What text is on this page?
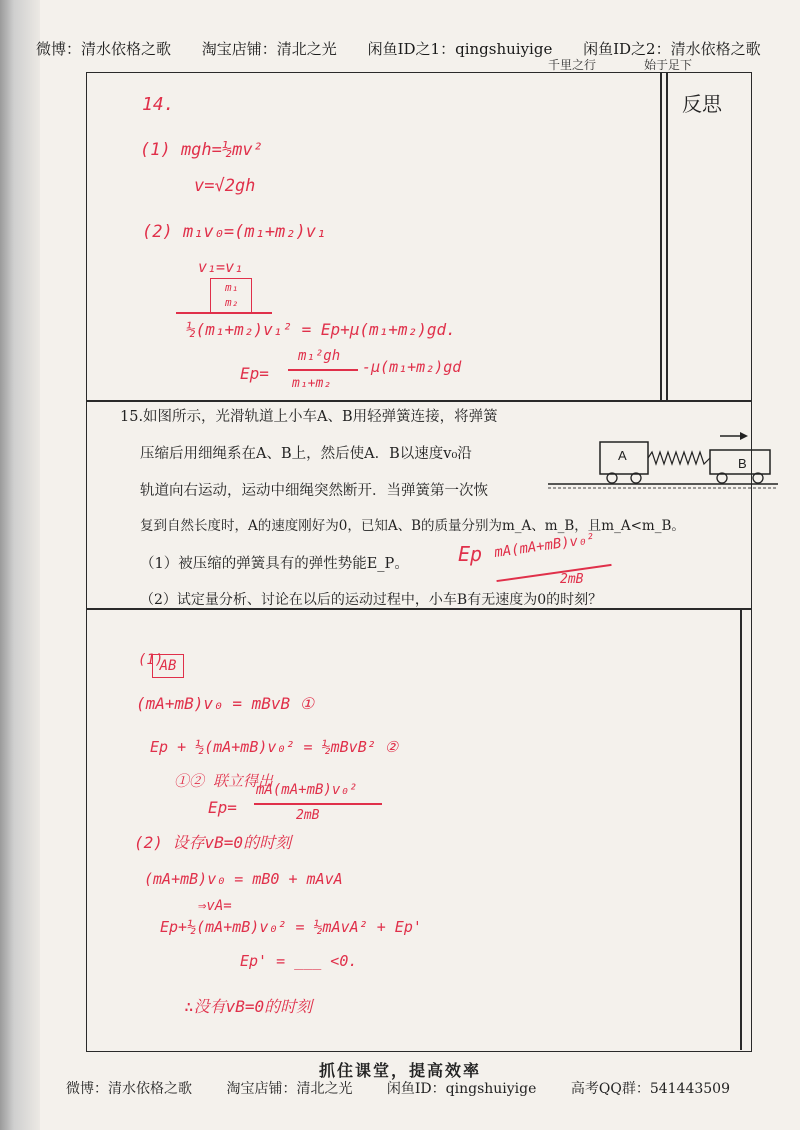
微博：清水依格之歌 淘宝店铺：清北之光 闲鱼ID之1：qingshuiyige 闲鱼ID之2：清水依格之歌
千里之行	始于足下
反思
14.
(1) mgh=½mv²
v=√2gh
(2) m₁v₀=(m₁+m₂)v₁
v₁=v₁
m₁
m₂
½(m₁+m₂)v₁² = Ep+μ(m₁+m₂)gd.
Ep=
m₁²gh
m₁+m₂
-μ(m₁+m₂)gd
15.如图所示，光滑轨道上小车A、B用轻弹簧连接，将弹簧
压缩后用细绳系在A、B上，然后使A．B以速度v₀沿
轨道向右运动，运动中细绳突然断开．当弹簧第一次恢
复到自然长度时，A的速度刚好为0，已知A、B的质量分别为m_A、m_B，且m_A<m_B。
（1）被压缩的弹簧具有的弹性势能E_P。
（2）试定量分析、讨论在以后的运动过程中，小车B有无速度为0的时刻？
A
B
Ep mA(mA+mB)v₀²
2mB
(1)
AB
(mA+mB)v₀ = mBvB ①
Ep + ½(mA+mB)v₀² = ½mBvB² ②
①② 联立得出
Ep=
mA(mA+mB)v₀²
2mB
(2) 设存vB=0的时刻
(mA+mB)v₀ = mB0 + mAvA
⇒vA=
Ep+½(mA+mB)v₀² = ½mAvA² + Ep'
Ep' = ___ <0.
∴没有vB=0的时刻
抓住课堂，提高效率
微博：清水依格之歌 淘宝店铺：清北之光 闲鱼ID：qingshuiyige 高考QQ群：541443509
